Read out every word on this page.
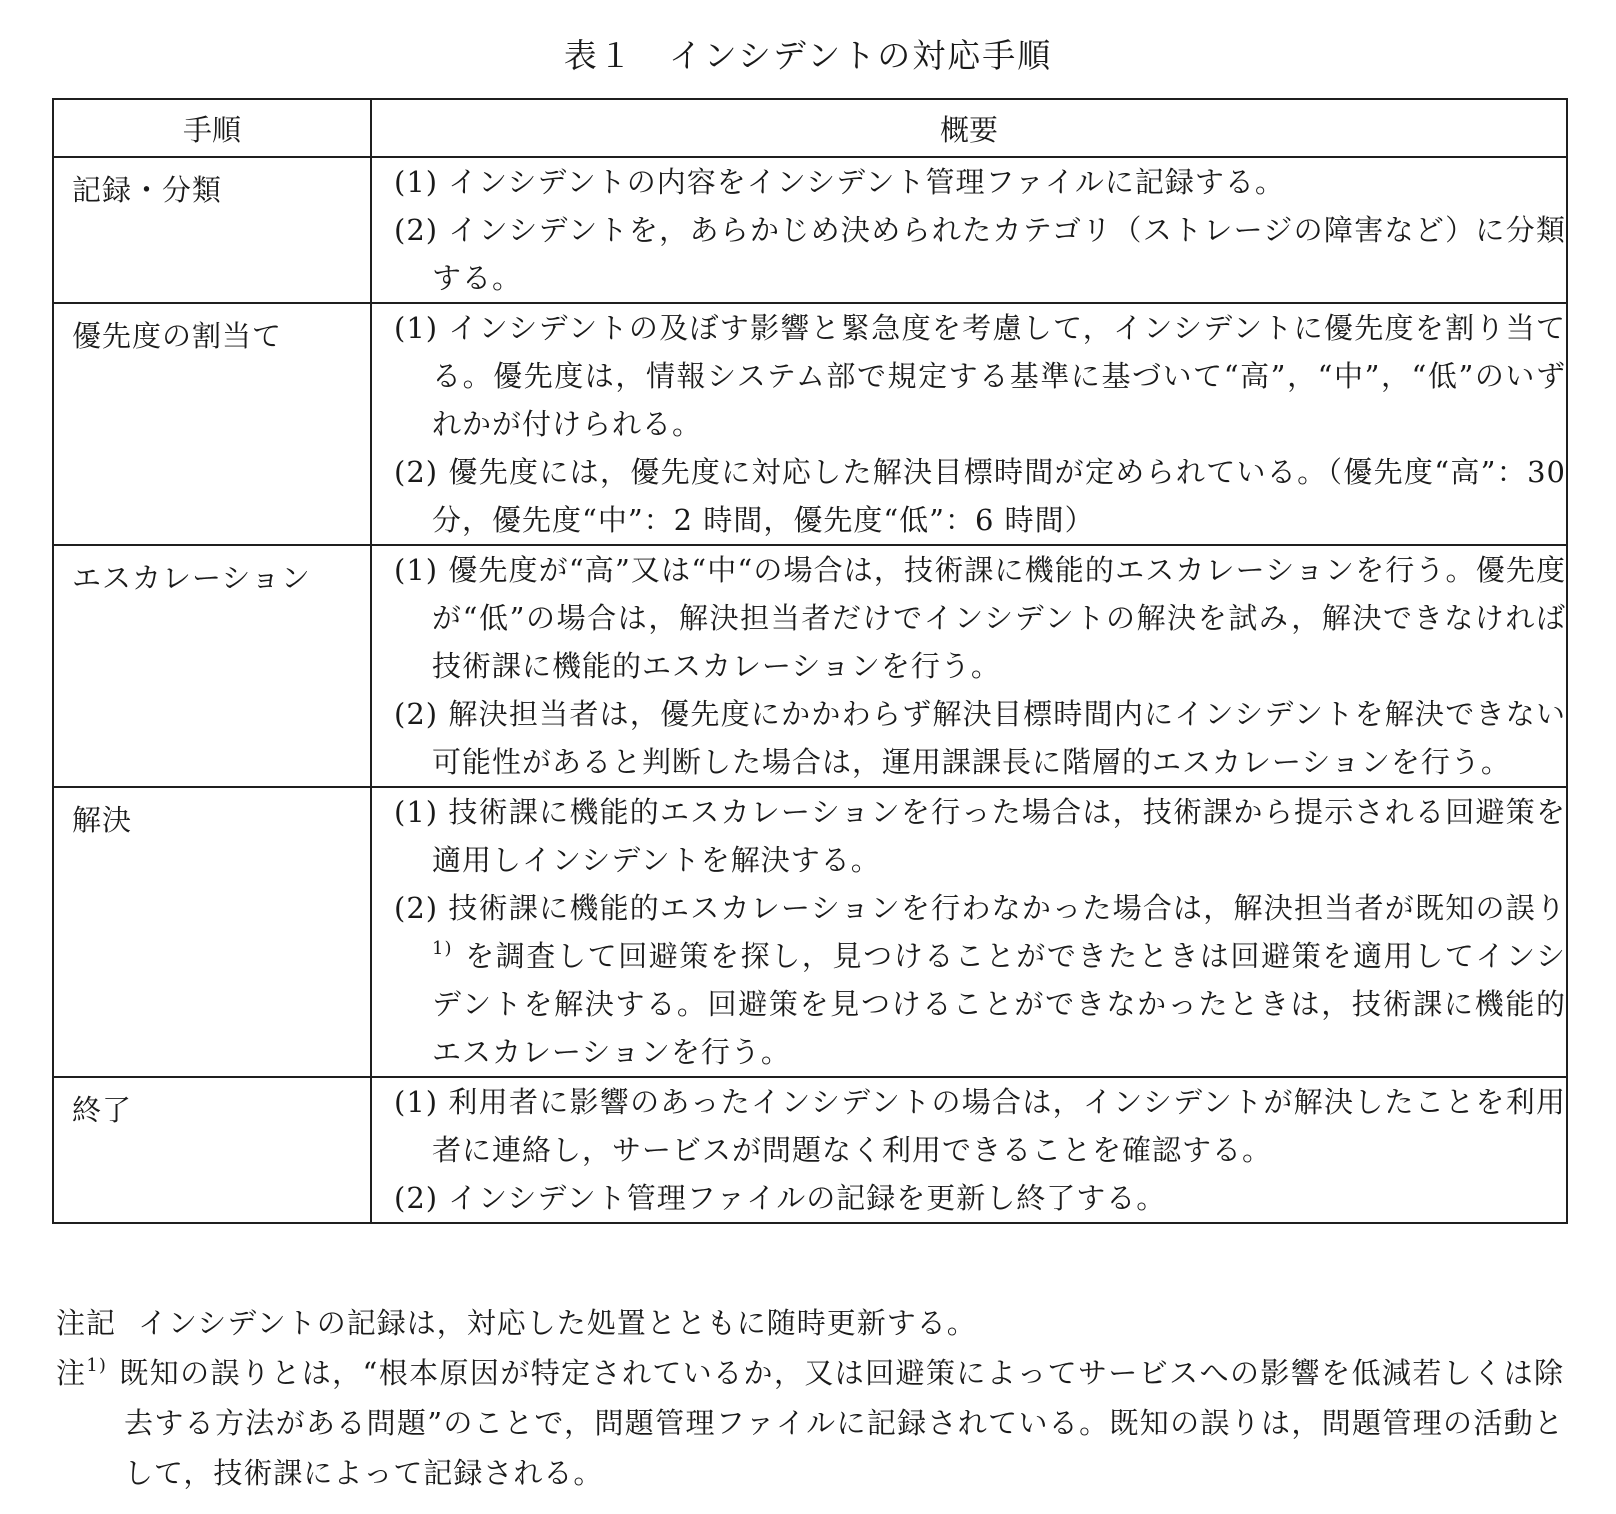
表１　インシデントの対応手順
手順	概要

記録・分類	(1) インシデントの内容をインシデント管理ファイルに記録する。
(2) インシデントを，あらかじめ決められたカテゴリ（ストレージの障害など）に分類する。

優先度の割当て	(1) インシデントの及ぼす影響と緊急度を考慮して，インシデントに優先度を割り当てる。優先度は，情報システム部で規定する基準に基づいて“高”，“中”，“低”のいずれかが付けられる。
(2) 優先度には，優先度に対応した解決目標時間が定められている。（優先度“高”：30 分，優先度“中”：2 時間，優先度“低”：6 時間）

エスカレーション	(1) 優先度が“高”又は“中“の場合は，技術課に機能的エスカレーションを行う。優先度が“低”の場合は，解決担当者だけでインシデントの解決を試み，解決できなければ技術課に機能的エスカレーションを行う。
(2) 解決担当者は，優先度にかかわらず解決目標時間内にインシデントを解決できない可能性があると判断した場合は，運用課課長に階層的エスカレーションを行う。

解決	(1) 技術課に機能的エスカレーションを行った場合は，技術課から提示される回避策を適用しインシデントを解決する。
(2) 技術課に機能的エスカレーションを行わなかった場合は，解決担当者が既知の誤り$^{1)}$ を調査して回避策を探し，見つけることができたときは回避策を適用してインシデントを解決する。回避策を見つけることができなかったときは，技術課に機能的エスカレーションを行う。

終了	(1) 利用者に影響のあったインシデントの場合は，インシデントが解決したことを利用者に連絡し，サービスが問題なく利用できることを確認する。
(2) インシデント管理ファイルの記録を更新し終了する。
注記 インシデントの記録は，対応した処置とともに随時更新する。
注$^{1)}$ 既知の誤りとは，“根本原因が特定されているか，又は回避策によってサービスへの影響を低減若しくは除去する方法がある問題”のことで，問題管理ファイルに記録されている。既知の誤りは，問題管理の活動として，技術課によって記録される。
